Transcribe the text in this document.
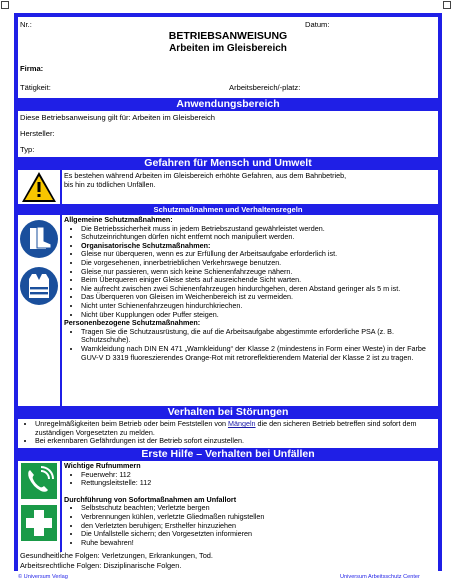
Nr.:	Datum:
BETRIEBSANWEISUNG
Arbeiten im Gleisbereich
Firma:
Tätigkeit:	Arbeitsbereich/-platz:
Anwendungsbereich
Diese Betriebsanweisung gilt für: Arbeiten im Gleisbereich
Hersteller:
Typ:
Gefahren für Mensch und Umwelt
Es bestehen während Arbeiten im Gleisbereich erhöhte Gefahren, aus dem Bahnbetrieb, bis hin zu tödlichen Unfällen.
Schutzmaßnahmen und Verhaltensregeln
Allgemeine Schutzmaßnahmen:
• Die Betriebssicherheit muss in jedem Betriebszustand gewährleistet werden.
• Schutzeinrichtungen dürfen nicht entfernt noch manipuliert werden.
• Organisatorische Schutzmaßnahmen:
• Gleise nur überqueren, wenn es zur Erfüllung der Arbeitsaufgabe erforderlich ist.
• Die vorgesehenen, innerbetrieblichen Verkehrswege benutzen.
• Gleise nur passieren, wenn sich keine Schienenfahrzeuge nähern.
• Beim Überqueren einiger Gleise stets auf ausreichende Sicht warten.
• Nie aufrecht zwischen zwei Schienenfahrzeugen hindurchgehen, deren Abstand geringer als 5 m ist.
• Das Überqueren von Gleisen im Weichenbereich ist zu vermeiden.
• Nicht unter Schienenfahrzeugen hindurchkriechen.
• Nicht über Kupplungen oder Puffer steigen.
Personenbezogene Schutzmaßnahmen:
• Tragen Sie die Schutzausrüstung, die auf die Arbeitsaufgabe abgestimmte erforderliche PSA (z. B. Schutzschuhe).
• Warnkleidung nach DIN EN 471 „Warnkleidung“ der Klasse 2 (mindestens in Form einer Weste) in der Farbe GUV-V D 3319 fluoreszierendes Orange-Rot mit retroreflektierendem Material der Klasse 2 ist zu tragen.
Verhalten bei Störungen
• Unregelmäßigkeiten beim Betrieb oder beim Feststellen von Mängeln die den sicheren Betrieb betreffen sind sofort dem zuständigen Vorgesetzten zu melden.
• Bei erkennbaren Gefährdungen ist der Betrieb sofort einzustellen.
Erste Hilfe – Verhalten bei Unfällen
Wichtige Rufnummern
• Feuerwehr: 112
• Rettungsleitstelle: 112
Durchführung von Sofortmaßnahmen am Unfallort
• Selbstschutz beachten; Verletzte bergen
• Verbrennungen kühlen, verletzte Gliedmaßen ruhigstellen
• den Verletzten beruhigen; Ersthelfer hinzuziehen
• Die Unfallstelle sichern; den Vorgesetzten informieren
• Ruhe bewahren!
Gesundheitliche Folgen: Verletzungen, Erkrankungen, Tod.
Arbeitsrechtliche Folgen: Disziplinarische Folgen.
© Universum Verlag	Universum Arbeitsschutz Center
